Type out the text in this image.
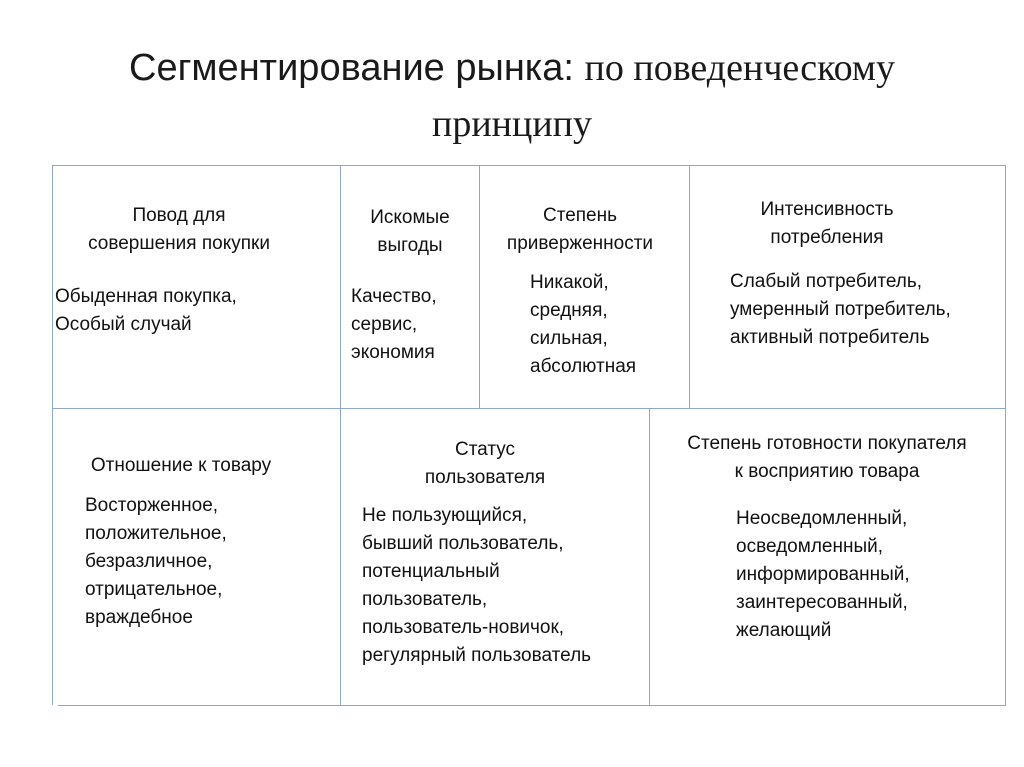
Сегментирование рынка: по поведенческому
принципу
Повод для
совершения покупки
Обыденная покупка,
Особый случай
Искомые
выгоды
Качество,
сервис,
экономия
Степень
приверженности
Никакой,
средняя,
сильная,
абсолютная
Интенсивность
потребления
Слабый потребитель,
умеренный потребитель,
активный потребитель
Отношение к товару
Восторженное,
положительное,
безразличное,
отрицательное,
враждебное
Статус
пользователя
Не пользующийся,
бывший пользователь,
потенциальный
пользователь,
пользователь-новичок,
регулярный пользователь
Степень готовности покупателя
к восприятию товара
Неосведомленный,
осведомленный,
информированный,
заинтересованный,
желающий
